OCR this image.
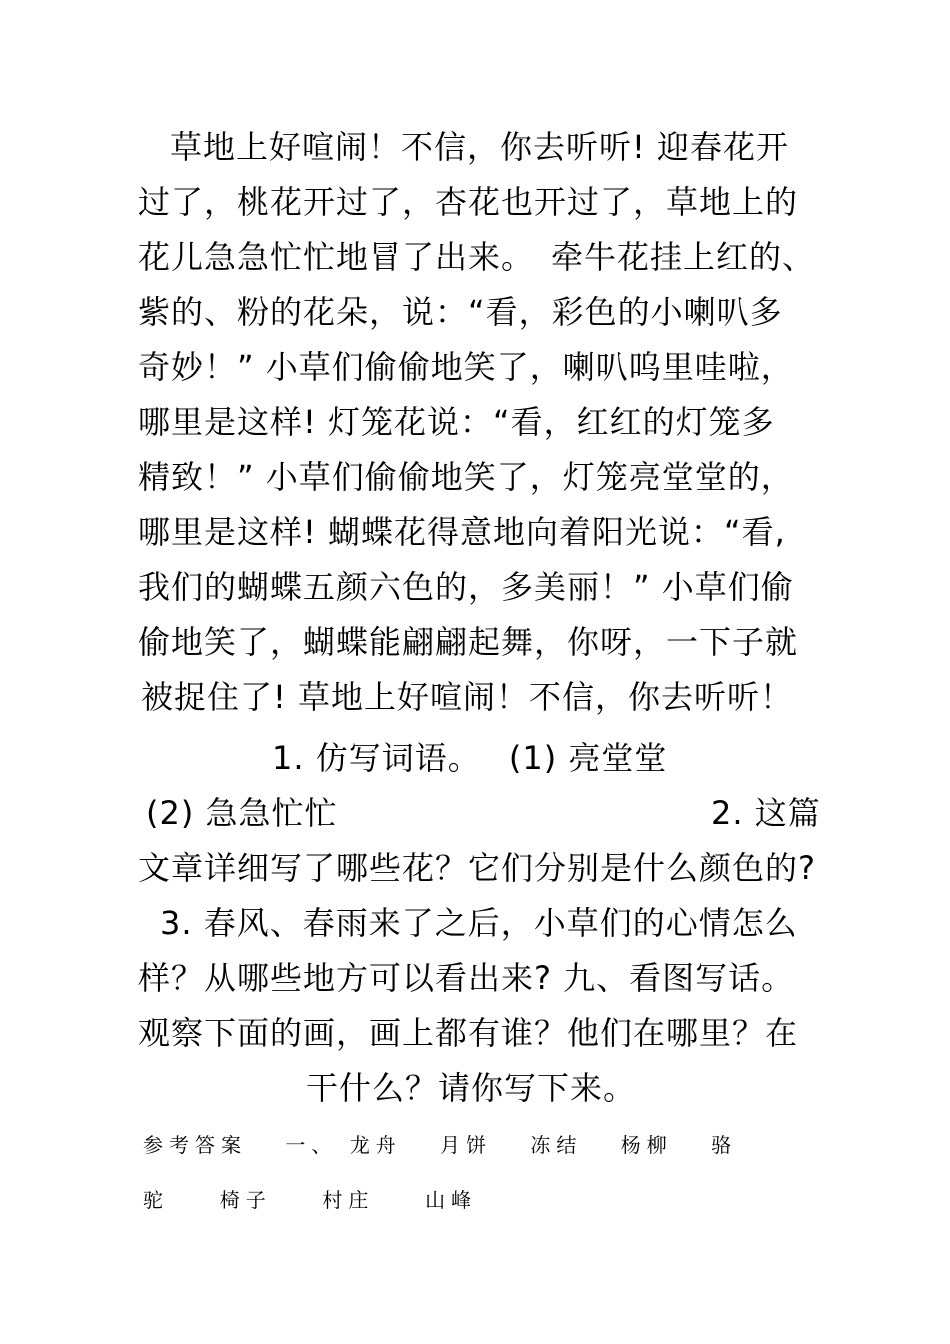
草地上好喧闹！不信，你去听听! 迎春花开
过了，桃花开过了，杏花也开过了，草地上的
花儿急急忙忙地冒了出来。　牵牛花挂上红的、
紫的、粉的花朵，说：“看，彩色的小喇叭多
奇妙！” 小草们偷偷地笑了，喇叭呜里哇啦，
哪里是这样! 灯笼花说：“看，红红的灯笼多
精致！” 小草们偷偷地笑了，灯笼亮堂堂的，
哪里是这样! 蝴蝶花得意地向着阳光说：“看,
我们的蝴蝶五颜六色的，多美丽！” 小草们偷
偷地笑了，蝴蝶能翩翩起舞，你呀，一下子就
被捉住了! 草地上好喧闹！不信，你去听听！
1. 仿写词语。　 (1) 亮堂堂
(2) 急急忙忙	2. 这篇
文章详细写了哪些花？它们分别是什么颜色的?
3. 春风、春雨来了之后，小草们的心情怎么
样？从哪些地方可以看出来? 九、看图写话。
观察下面的画，画上都有谁？他们在哪里？在
干什么？请你写下来。
参考答案　 一、 龙舟 　月饼 　冻结 　杨柳 　骆
驼 　 椅子 　 村庄 　 山峰
